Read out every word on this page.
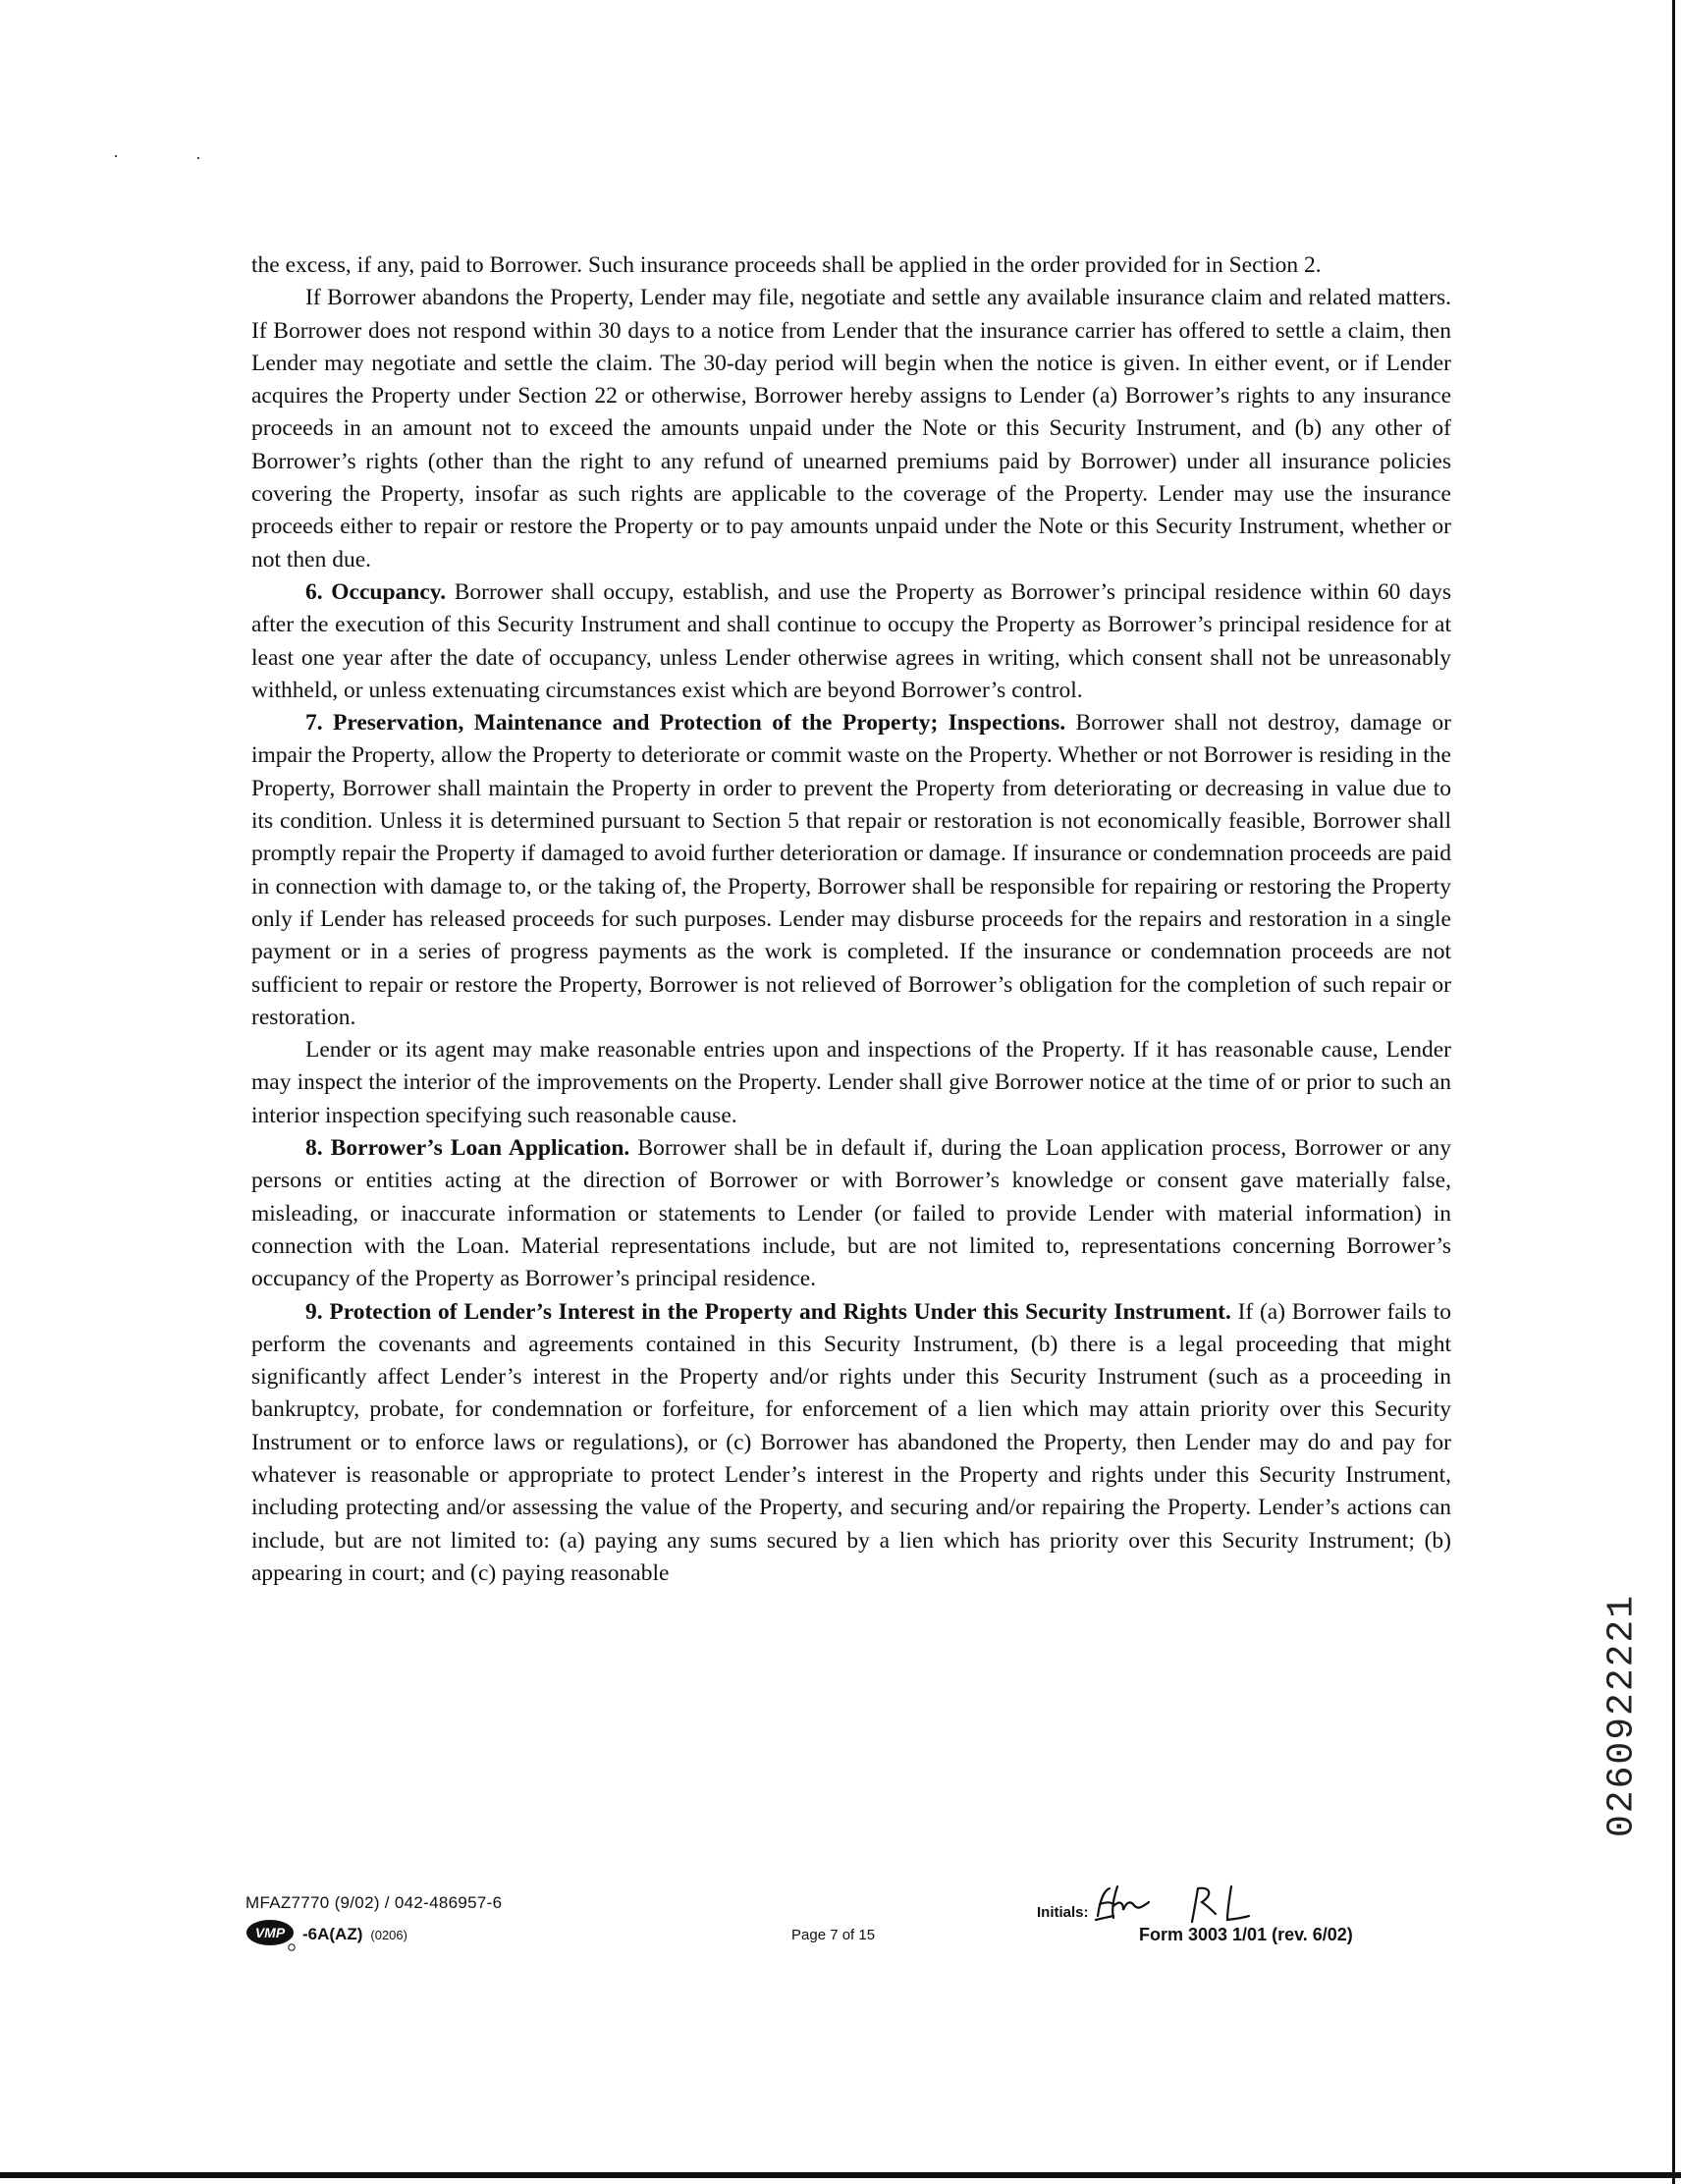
the excess, if any, paid to Borrower. Such insurance proceeds shall be applied in the order provided for in Section 2.

If Borrower abandons the Property, Lender may file, negotiate and settle any available insurance claim and related matters. If Borrower does not respond within 30 days to a notice from Lender that the insurance carrier has offered to settle a claim, then Lender may negotiate and settle the claim. The 30-day period will begin when the notice is given. In either event, or if Lender acquires the Property under Section 22 or otherwise, Borrower hereby assigns to Lender (a) Borrower’s rights to any insurance proceeds in an amount not to exceed the amounts unpaid under the Note or this Security Instrument, and (b) any other of Borrower’s rights (other than the right to any refund of unearned premiums paid by Borrower) under all insurance policies covering the Property, insofar as such rights are applicable to the coverage of the Property. Lender may use the insurance proceeds either to repair or restore the Property or to pay amounts unpaid under the Note or this Security Instrument, whether or not then due.

6. Occupancy. Borrower shall occupy, establish, and use the Property as Borrower’s principal residence within 60 days after the execution of this Security Instrument and shall continue to occupy the Property as Borrower’s principal residence for at least one year after the date of occupancy, unless Lender otherwise agrees in writing, which consent shall not be unreasonably withheld, or unless extenuating circumstances exist which are beyond Borrower’s control.

7. Preservation, Maintenance and Protection of the Property; Inspections. Borrower shall not destroy, damage or impair the Property, allow the Property to deteriorate or commit waste on the Property. Whether or not Borrower is residing in the Property, Borrower shall maintain the Property in order to prevent the Property from deteriorating or decreasing in value due to its condition. Unless it is determined pursuant to Section 5 that repair or restoration is not economically feasible, Borrower shall promptly repair the Property if damaged to avoid further deterioration or damage. If insurance or condemnation proceeds are paid in connection with damage to, or the taking of, the Property, Borrower shall be responsible for repairing or restoring the Property only if Lender has released proceeds for such purposes. Lender may disburse proceeds for the repairs and restoration in a single payment or in a series of progress payments as the work is completed. If the insurance or condemnation proceeds are not sufficient to repair or restore the Property, Borrower is not relieved of Borrower’s obligation for the completion of such repair or restoration.

Lender or its agent may make reasonable entries upon and inspections of the Property. If it has reasonable cause, Lender may inspect the interior of the improvements on the Property. Lender shall give Borrower notice at the time of or prior to such an interior inspection specifying such reasonable cause.

8. Borrower’s Loan Application. Borrower shall be in default if, during the Loan application process, Borrower or any persons or entities acting at the direction of Borrower or with Borrower’s knowledge or consent gave materially false, misleading, or inaccurate information or statements to Lender (or failed to provide Lender with material information) in connection with the Loan. Material representations include, but are not limited to, representations concerning Borrower’s occupancy of the Property as Borrower’s principal residence.

9. Protection of Lender’s Interest in the Property and Rights Under this Security Instrument. If (a) Borrower fails to perform the covenants and agreements contained in this Security Instrument, (b) there is a legal proceeding that might significantly affect Lender’s interest in the Property and/or rights under this Security Instrument (such as a proceeding in bankruptcy, probate, for condemnation or forfeiture, for enforcement of a lien which may attain priority over this Security Instrument or to enforce laws or regulations), or (c) Borrower has abandoned the Property, then Lender may do and pay for whatever is reasonable or appropriate to protect Lender’s interest in the Property and rights under this Security Instrument, including protecting and/or assessing the value of the Property, and securing and/or repairing the Property. Lender’s actions can include, but are not limited to: (a) paying any sums secured by a lien which has priority over this Security Instrument; (b) appearing in court; and (c) paying reasonable

0260922221
MFAZ7770 (9/02) / 042-486957-6
VMP -6A(AZ) (0206)	Page 7 of 15
Initials:
Form 3003 1/01 (rev. 6/02)
